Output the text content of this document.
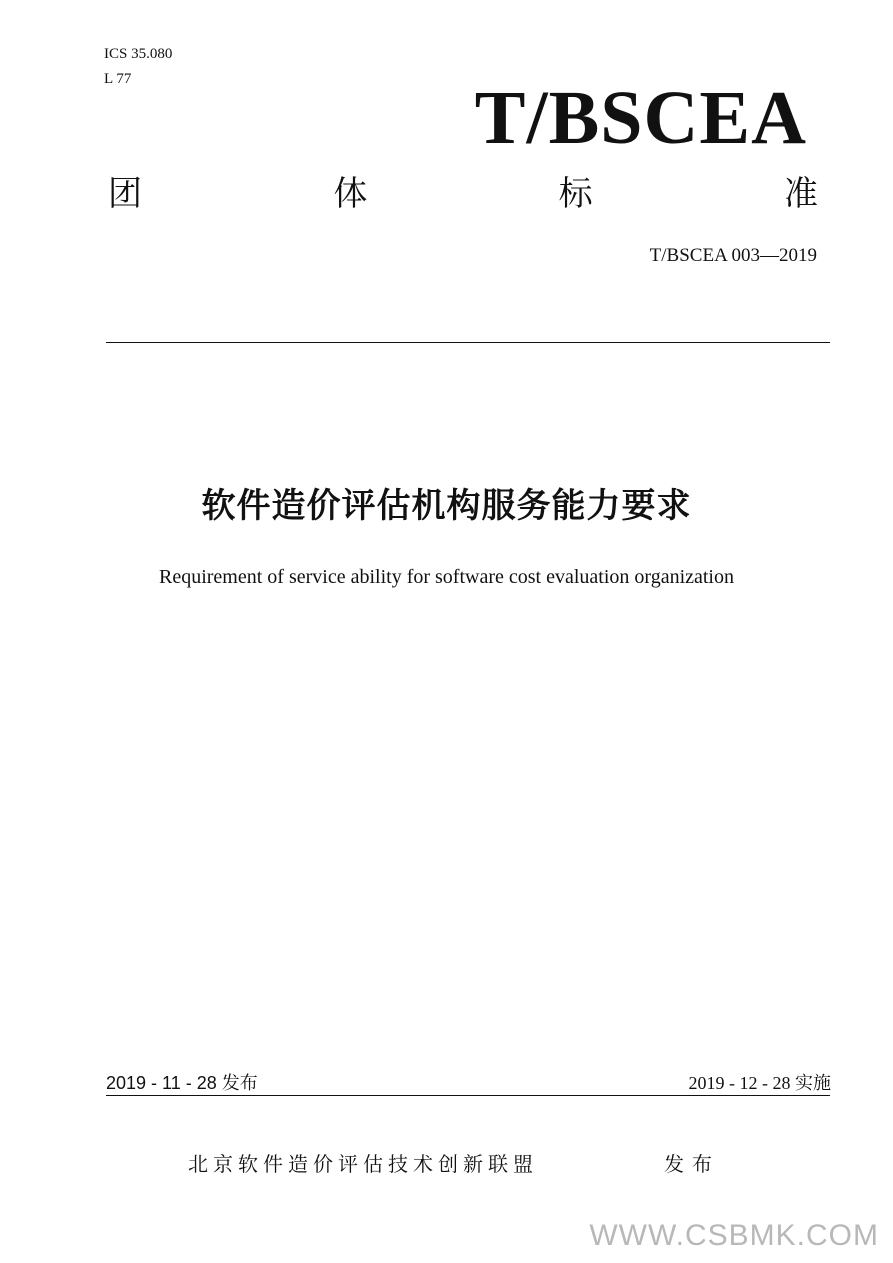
ICS 35.080
L 77	T/BSCEA
团	体	标	准
T/BSCEA 003—2019
软件造价评估机构服务能力要求
Requirement of service ability for software cost evaluation organization
2019 - 11 - 28 发布	2019 - 12 - 28 实施
北京软件造价评估技术创新联盟	发布
WWW.CSBMK.COM
